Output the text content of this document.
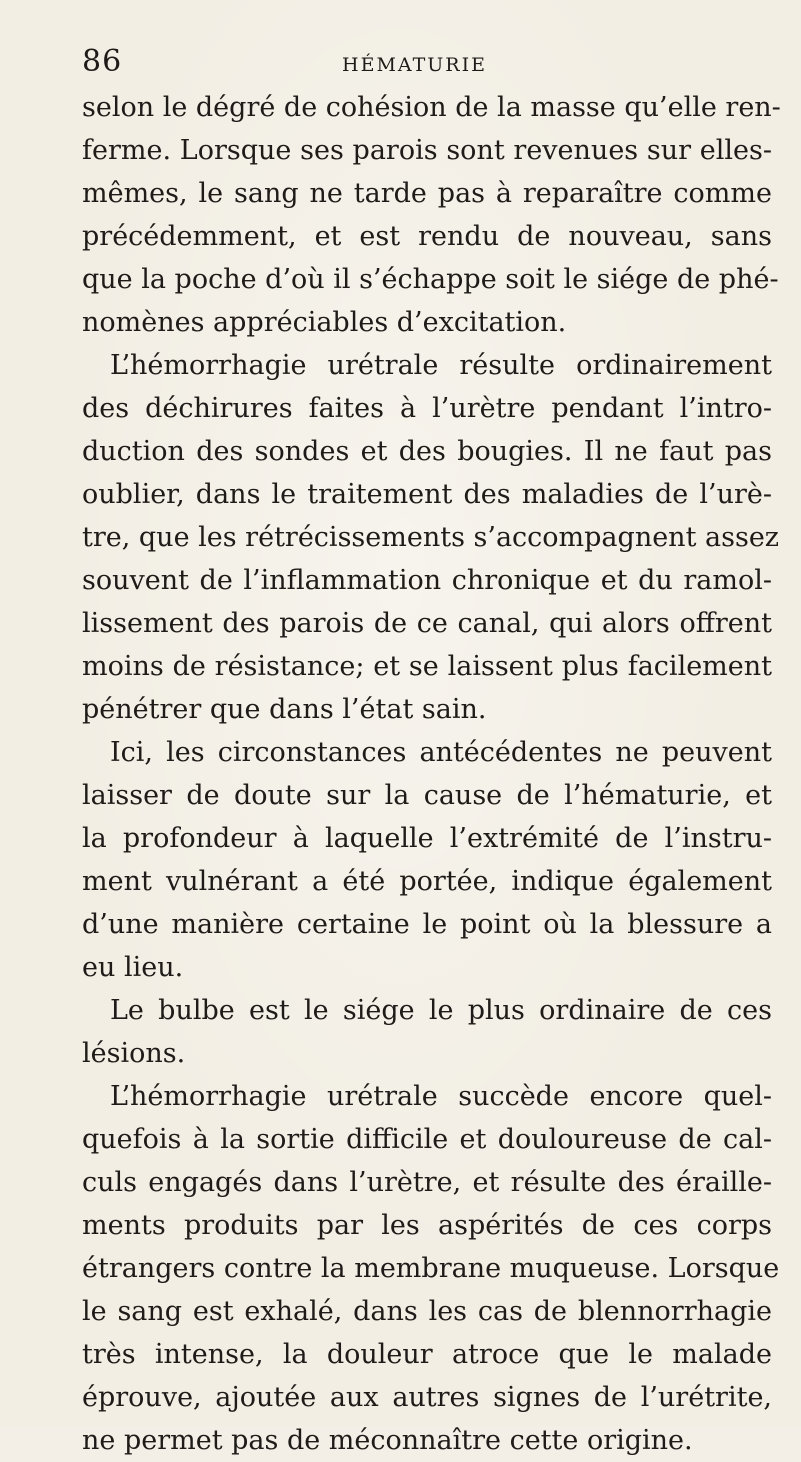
86	HÉMATURIE
selon le dégré de cohésion de la masse qu’elle ren-
ferme. Lorsque ses parois sont revenues sur elles-
mêmes, le sang ne tarde pas à reparaître comme
précédemment, et est rendu de nouveau, sans
que la poche d’où il s’échappe soit le siége de phé-
nomènes appréciables d’excitation.
L’hémorrhagie urétrale résulte ordinairement
des déchirures faites à l’urètre pendant l’intro-
duction des sondes et des bougies. Il ne faut pas
oublier, dans le traitement des maladies de l’urè-
tre, que les rétrécissements s’accompagnent assez
souvent de l’inflammation chronique et du ramol-
lissement des parois de ce canal, qui alors offrent
moins de résistance; et se laissent plus facilement
pénétrer que dans l’état sain.
Ici, les circonstances antécédentes ne peuvent
laisser de doute sur la cause de l’hématurie, et
la profondeur à laquelle l’extrémité de l’instru-
ment vulnérant a été portée, indique également
d’une manière certaine le point où la blessure a
eu lieu.
Le bulbe est le siége le plus ordinaire de ces
lésions.
L’hémorrhagie urétrale succède encore quel-
quefois à la sortie difficile et douloureuse de cal-
culs engagés dans l’urètre, et résulte des éraille-
ments produits par les aspérités de ces corps
étrangers contre la membrane muqueuse. Lorsque
le sang est exhalé, dans les cas de blennorrhagie
très intense, la douleur atroce que le malade
éprouve, ajoutée aux autres signes de l’urétrite,
ne permet pas de méconnaître cette origine.
